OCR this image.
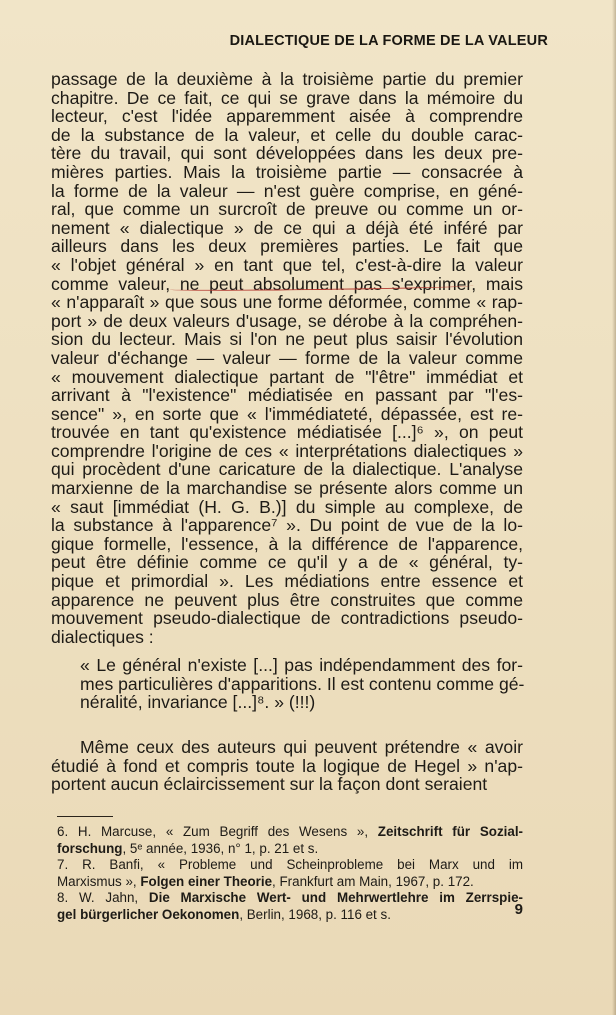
DIALECTIQUE DE LA FORME DE LA VALEUR
passage de la deuxième à la troisième partie du premier
chapitre. De ce fait, ce qui se grave dans la mémoire du
lecteur, c'est l'idée apparemment aisée à comprendre
de la substance de la valeur, et celle du double carac-
tère du travail, qui sont développées dans les deux pre-
mières parties. Mais la troisième partie — consacrée à
la forme de la valeur — n'est guère comprise, en géné-
ral, que comme un surcroît de preuve ou comme un or-
nement « dialectique » de ce qui a déjà été inféré par
ailleurs dans les deux premières parties. Le fait que
« l'objet général » en tant que tel, c'est-à-dire la valeur
comme valeur, ne peut absolument pas s'exprimer, mais
« n'apparaît » que sous une forme déformée, comme « rap-
port » de deux valeurs d'usage, se dérobe à la compréhen-
sion du lecteur. Mais si l'on ne peut plus saisir l'évolution
valeur d'échange — valeur — forme de la valeur comme
« mouvement dialectique partant de "l'être" immédiat et
arrivant à "l'existence" médiatisée en passant par "l'es-
sence" », en sorte que « l'immédiateté, dépassée, est re-
trouvée en tant qu'existence médiatisée [...]⁶ », on peut
comprendre l'origine de ces « interprétations dialectiques »
qui procèdent d'une caricature de la dialectique. L'analyse
marxienne de la marchandise se présente alors comme un
« saut [immédiat (H. G. B.)] du simple au complexe, de
la substance à l'apparence⁷ ». Du point de vue de la lo-
gique formelle, l'essence, à la différence de l'apparence,
peut être définie comme ce qu'il y a de « général, ty-
pique et primordial ». Les médiations entre essence et
apparence ne peuvent plus être construites que comme
mouvement pseudo-dialectique de contradictions pseudo-
dialectiques :
« Le général n'existe [...] pas indépendamment des for-
mes particulières d'apparitions. Il est contenu comme gé-
néralité, invariance [...]⁸. » (!!!)
Même ceux des auteurs qui peuvent prétendre « avoir
étudié à fond et compris toute la logique de Hegel » n'ap-
portent aucun éclaircissement sur la façon dont seraient
6. H. Marcuse, « Zum Begriff des Wesens », Zeitschrift für Sozial-
forschung, 5ᵉ année, 1936, n° 1, p. 21 et s.
7. R. Banfi, « Probleme und Scheinprobleme bei Marx und im
Marxismus », Folgen einer Theorie, Frankfurt am Main, 1967, p. 172.
8. W. Jahn, Die Marxische Wert- und Mehrwertlehre im Zerrspie-
gel bürgerlicher Oekonomen, Berlin, 1968, p. 116 et s.	9
